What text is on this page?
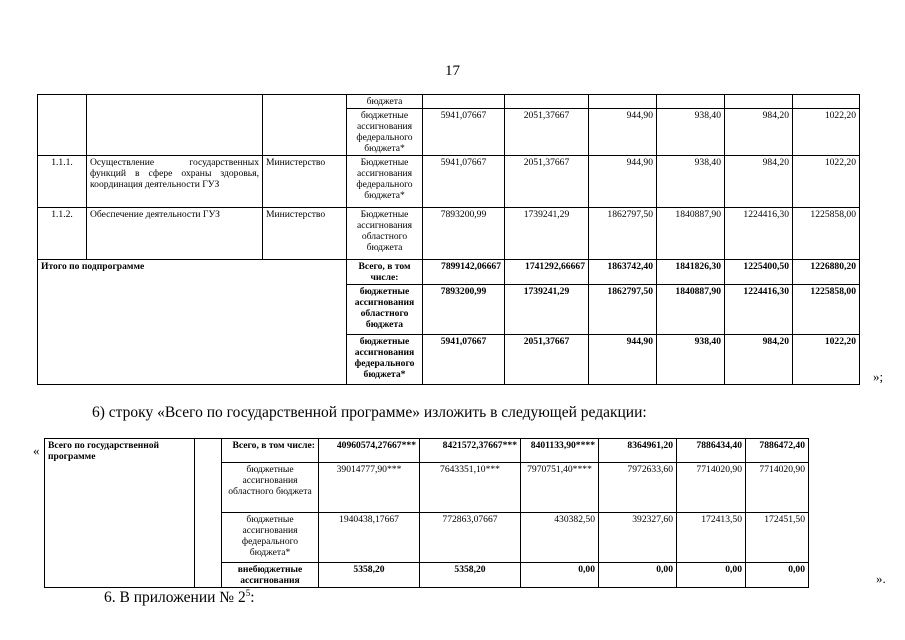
17
			бюджета						
			бюджетные ассигнования федерального бюджета*	5941,07667	2051,37667	944,90	938,40	984,20	1022,20
1.1.1.	Осуществление государственных функций в сфере охраны здоровья, координация деятельности ГУЗ	Министерство	Бюджетные ассигнования федерального бюджета*	5941,07667	2051,37667	944,90	938,40	984,20	1022,20
1.1.2.	Обеспечение деятельности ГУЗ	Министерство	Бюджетные ассигнования областного бюджета	7893200,99	1739241,29	1862797,50	1840887,90	1224416,30	1225858,00
Итого по подпрограмме			Всего, в том числе:	7899142,06667	1741292,66667	1863742,40	1841826,30	1225400,50	1226880,20
			бюджетные ассигнования областного бюджета	7893200,99	1739241,29	1862797,50	1840887,90	1224416,30	1225858,00
			бюджетные ассигнования федерального бюджета*	5941,07667	2051,37667	944,90	938,40	984,20	1022,20
»;
6) строку «Всего по государственной программе» изложить в следующей редакции:
« Всего по государственной программе		Всего, в том числе:	40960574,27667***	8421572,37667***	8401133,90****	8364961,20	7886434,40	7886472,40
		бюджетные ассигнования областного бюджета	39014777,90***	7643351,10***	7970751,40****	7972633,60	7714020,90	7714020,90
		бюджетные ассигнования федерального бюджета*	1940438,17667	772863,07667	430382,50	392327,60	172413,50	172451,50
		внебюджетные ассигнования	5358,20	5358,20	0,00	0,00	0,00	0,00
».
6. В приложении № $2^5$:
